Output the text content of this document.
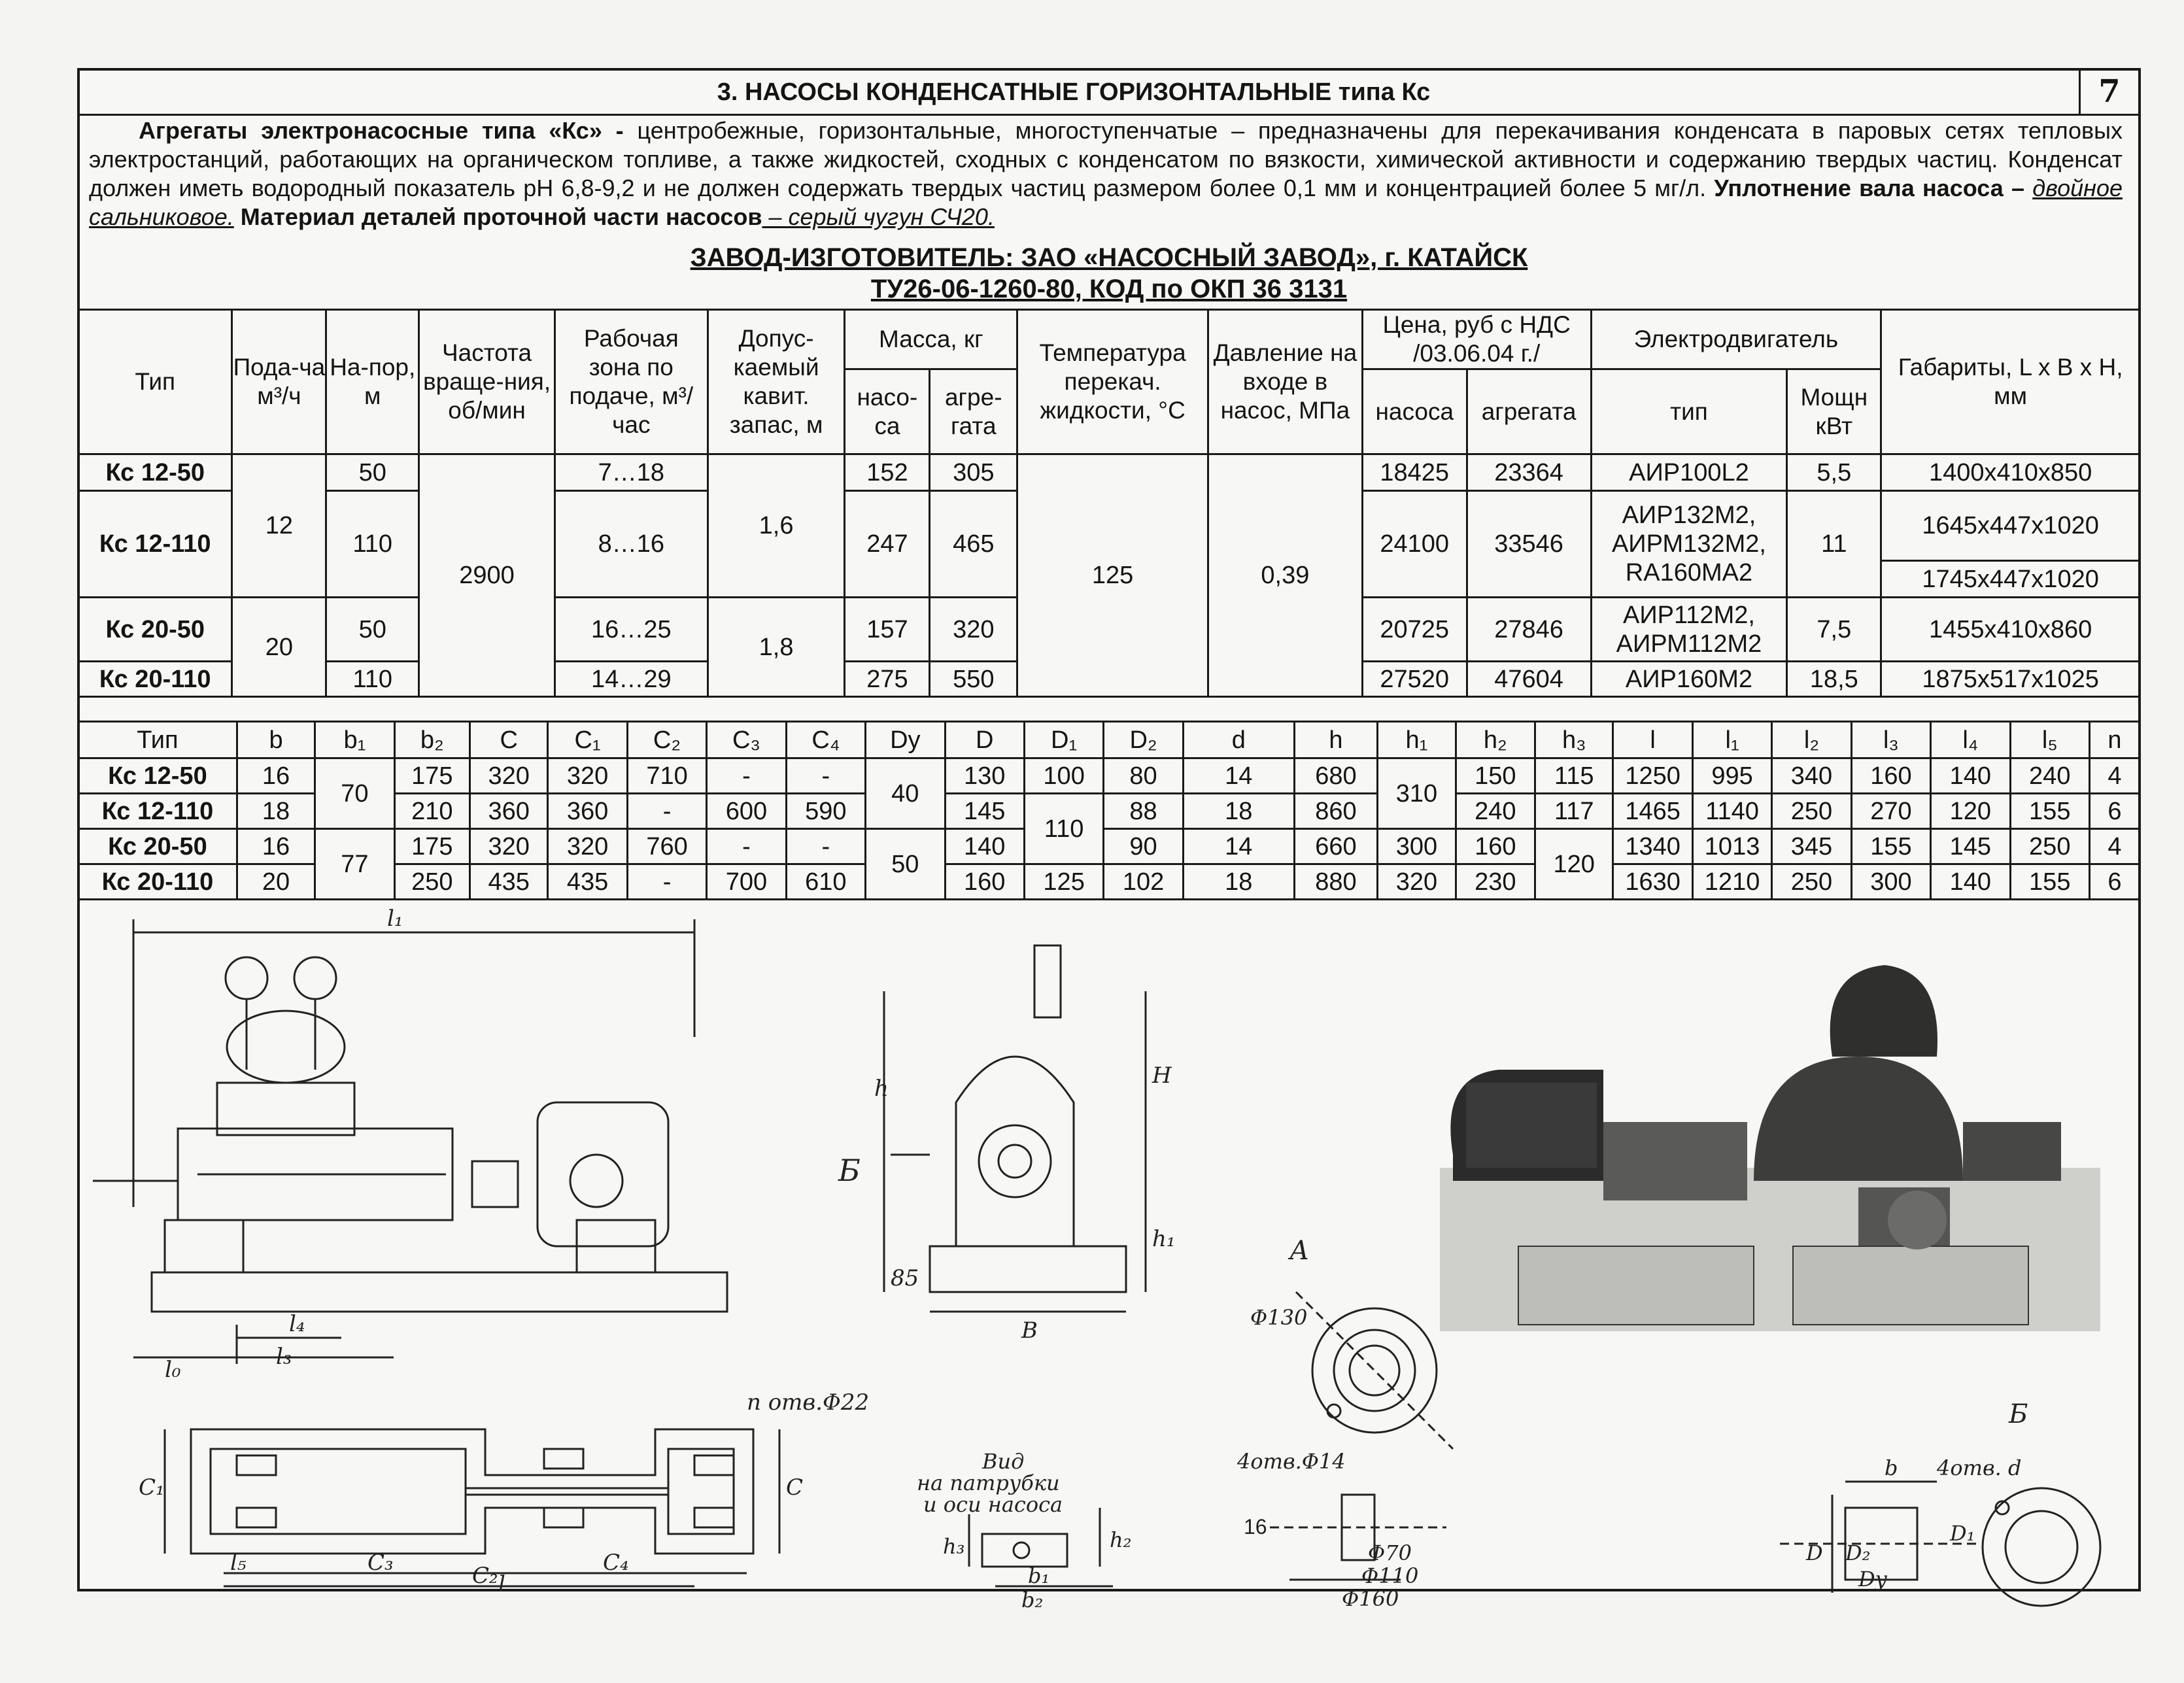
3. НАСОСЫ КОНДЕНСАТНЫЕ ГОРИЗОНТАЛЬНЫЕ типа Кс	7
Агрегаты электронасосные типа «Кс» - центробежные, горизонтальные, многоступенчатые – предназначены для перекачивания конденсата в паровых сетях тепловых электростанций, работающих на органическом топливе, а также жидкостей, сходных с конденсатом по вязкости, химической активности и содержанию твердых частиц. Конденсат должен иметь водородный показатель рН 6,8-9,2 и не должен содержать твердых частиц размером более 0,1 мм и концентрацией более 5 мг/л. Уплотнение вала насоса – двойное сальниковое. Материал деталей проточной части насосов – серый чугун СЧ20.
ЗАВОД-ИЗГОТОВИТЕЛЬ: ЗАО «НАСОСНЫЙ ЗАВОД», г. КАТАЙСК
ТУ26-06-1260-80, КОД по ОКП 36 3131
Тип	Пода-ча м³/ч	На-пор, м	Частота враще-ния, об/мин	Рабочая зона по подаче, м³/час	Допус-каемый кавит. запас, м	Масса, кг		Температура перекач. жидкости, °С	Давление на входе в насос, МПа	Цена, руб с НДС /03.06.04 г./		Электродвигатель		Габариты, L x B x H, мм
						насо-са	агре-гата			насоса	агрегата	тип	Мощн кВт	
Кс 12-50	12	50	2900	7…18	1,6	152	305	125	0,39	18425	23364	АИР100L2	5,5	1400x410x850
Кс 12-110		110		8…16		247	465			24100	33546	АИР132М2,
АИРМ132М2,
RA160MA2	11	1645x447x1020
														1745x447x1020
Кс 20-50	20	50		16…25	1,8	157	320			20725	27846	АИР112М2,
АИРМ112М2	7,5	1455x410x860
Кс 20-110		110		14…29		275	550			27520	47604	АИР160М2	18,5	1875x517x1025
Тип	b	b₁	b₂	C	C₁	C₂	C₃	C₄	Dу	D	D₁	D₂	d	h	h₁	h₂	h₃	l	l₁	l₂	l₃	l₄	l₅	n
Кс 12-50	16	70	175	320	320	710	-	-	40	130	100	80	14	680	310	150	115	1250	995	340	160	140	240	4
Кс 12-110	18		210	360	360	-	600	590		145	110	88	18	860		240	117	1465	1140	250	270	120	155	6
Кс 20-50	16	77	175	320	320	760	-	-	50	140		90	14	660	300	160	120	1340	1013	345	155	145	250	4
Кс 20-110	20		250	435	435	-	700	610		160	125	102	18	880	320	230		1630	1210	250	300	140	155	6
l₁
l₀	l₃
l₄
C₁	C
n отв.Φ22
l₅	C₃	C₂	C₄
l
Б
h	H
h₁
85
B
А
Вид
на патрубки
и оси насоса
h₃	h₂
b₁
b₂
Φ130
4отв.Φ14
16
Φ70
Φ110
Φ160
Б
b 4отв. d
D D₂
D₁
Dу
